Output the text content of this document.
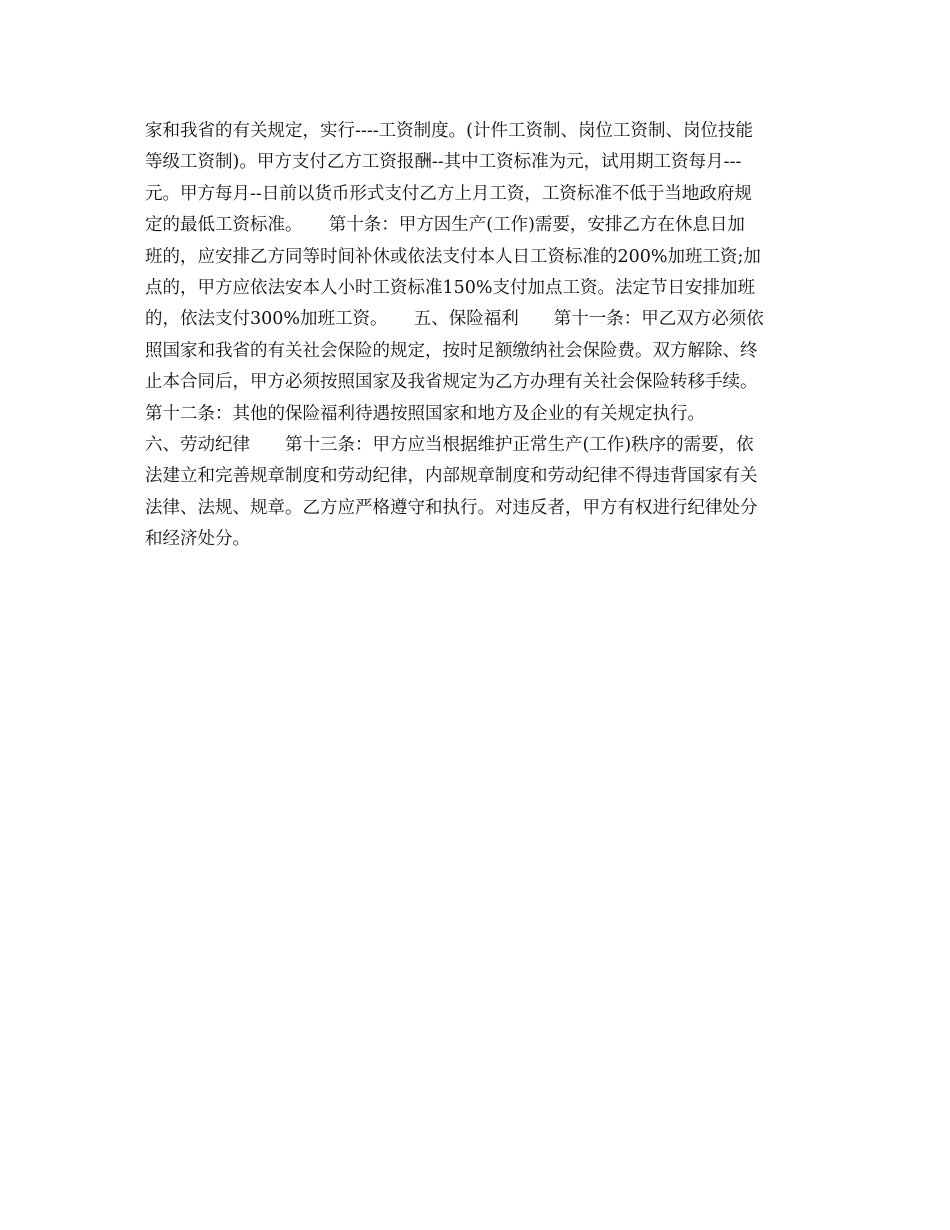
家和我省的有关规定，实行----工资制度。(计件工资制、岗位工资制、岗位技能
等级工资制)。甲方支付乙方工资报酬--其中工资标准为元，试用期工资每月---
元。甲方每月--日前以货币形式支付乙方上月工资，工资标准不低于当地政府规
定的最低工资标准。　　第十条：甲方因生产(工作)需要，安排乙方在休息日加
班的，应安排乙方同等时间补休或依法支付本人日工资标准的200%加班工资;加
点的，甲方应依法安本人小时工资标准150%支付加点工资。法定节日安排加班
的，依法支付300%加班工资。　　五、保险福利　　第十一条：甲乙双方必须依
照国家和我省的有关社会保险的规定，按时足额缴纳社会保险费。双方解除、终
止本合同后，甲方必须按照国家及我省规定为乙方办理有关社会保险转移手续。
第十二条：其他的保险福利待遇按照国家和地方及企业的有关规定执行。
六、劳动纪律　　第十三条：甲方应当根据维护正常生产(工作)秩序的需要，依
法建立和完善规章制度和劳动纪律，内部规章制度和劳动纪律不得违背国家有关
法律、法规、规章。乙方应严格遵守和执行。对违反者，甲方有权进行纪律处分
和经济处分。
